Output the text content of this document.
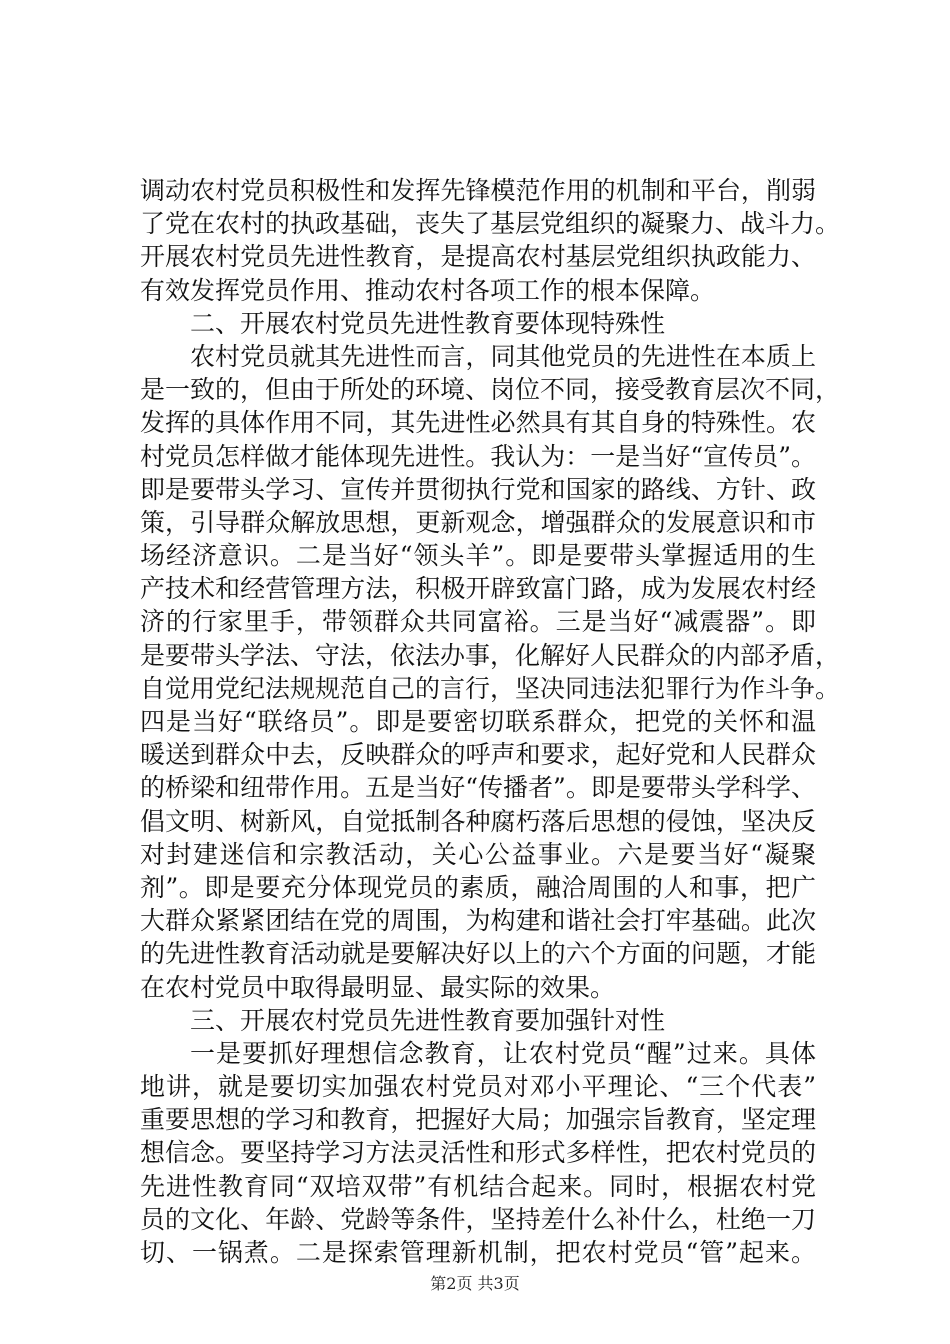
调动农村党员积极性和发挥先锋模范作用的机制和平台，削弱
了党在农村的执政基础，丧失了基层党组织的凝聚力、战斗力。
开展农村党员先进性教育，是提高农村基层党组织执政能力、
有效发挥党员作用、推动农村各项工作的根本保障。
二、开展农村党员先进性教育要体现特殊性
农村党员就其先进性而言，同其他党员的先进性在本质上
是一致的，但由于所处的环境、岗位不同，接受教育层次不同，
发挥的具体作用不同，其先进性必然具有其自身的特殊性。农
村党员怎样做才能体现先进性。我认为：一是当好“宣传员”。
即是要带头学习、宣传并贯彻执行党和国家的路线、方针、政
策，引导群众解放思想，更新观念，增强群众的发展意识和市
场经济意识。二是当好“领头羊”。即是要带头掌握适用的生
产技术和经营管理方法，积极开辟致富门路，成为发展农村经
济的行家里手，带领群众共同富裕。三是当好“减震器”。即
是要带头学法、守法，依法办事，化解好人民群众的内部矛盾，
自觉用党纪法规规范自己的言行，坚决同违法犯罪行为作斗争。
四是当好“联络员”。即是要密切联系群众，把党的关怀和温
暖送到群众中去，反映群众的呼声和要求，起好党和人民群众
的桥梁和纽带作用。五是当好“传播者”。即是要带头学科学、
倡文明、树新风，自觉抵制各种腐朽落后思想的侵蚀，坚决反
对封建迷信和宗教活动，关心公益事业。六是要当好“凝聚
剂”。即是要充分体现党员的素质，融洽周围的人和事，把广
大群众紧紧团结在党的周围，为构建和谐社会打牢基础。此次
的先进性教育活动就是要解决好以上的六个方面的问题，才能
在农村党员中取得最明显、最实际的效果。
三、开展农村党员先进性教育要加强针对性
一是要抓好理想信念教育，让农村党员“醒”过来。具体
地讲，就是要切实加强农村党员对邓小平理论、“三个代表”
重要思想的学习和教育，把握好大局；加强宗旨教育，坚定理
想信念。要坚持学习方法灵活性和形式多样性，把农村党员的
先进性教育同“双培双带”有机结合起来。同时，根据农村党
员的文化、年龄、党龄等条件，坚持差什么补什么，杜绝一刀
切、一锅煮。二是探索管理新机制，把农村党员“管”起来。
第2页 共3页
